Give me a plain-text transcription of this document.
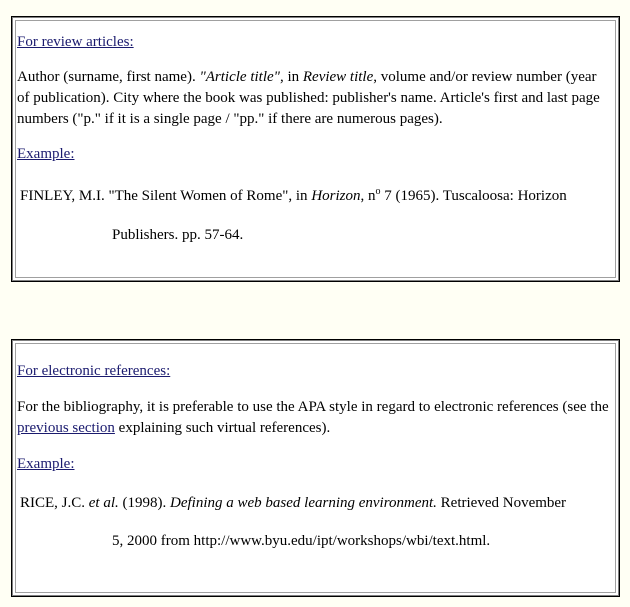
For review articles:
Author (surname, first name). "Article title", in Review title, volume and/or review number (year
of publication). City where the book was published: publisher's name. Article's first and last page
numbers ("p." if it is a single page / "pp." if there are numerous pages).
Example:
FINLEY, M.I. "The Silent Women of Rome", in Horizon, $n^o$ 7 (1965). Tuscaloosa: Horizon
Publishers. pp. 57-64.
For electronic references:
For the bibliography, it is preferable to use the APA style in regard to electronic references (see the
previous section explaining such virtual references).
Example:
RICE, J.C. et al. (1998). Defining a web based learning environment. Retrieved November
5, 2000 from http://www.byu.edu/ipt/workshops/wbi/text.html.
